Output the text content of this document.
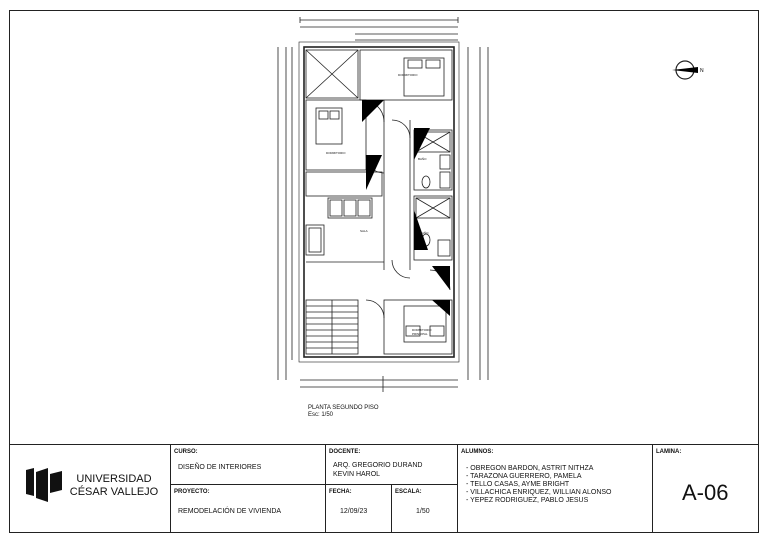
DORMITORIO
DORMITORIO
SALA
BAÑO
BAÑO
DORMITORIO
PRINCIPAL
N
PLANTA SEGUNDO PISO
Esc: 1/50
UNIVERSIDAD
CÉSAR VALLEJO
CURSO:
DISEÑO DE INTERIORES
PROYECTO:
REMODELACIÓN DE VIVIENDA
DOCENTE:
ARQ. GREGORIO DURAND
KEVIN HAROL
FECHA:
12/09/23
ESCALA:
1/50
ALUMNOS:
- OBREGON BARDON, ASTRIT NITHZA
- TARAZONA GUERRERO, PAMELA
- TELLO CASAS, AYME BRIGHT
- VILLACHICA ENRIQUEZ, WILLIAN ALONSO
- YEPEZ RODRIGUEZ, PABLO JESUS
LAMINA:
A-06
